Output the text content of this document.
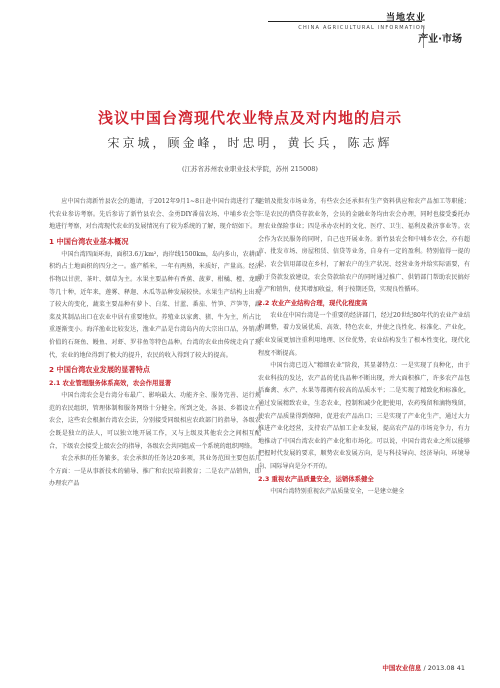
当地农业
CHINA AGRICULTURAL INFORMATION
产业·市场
浅议中国台湾现代农业特点及对内地的启示
宋京城，顾金峰，时忠明，黄长兵，陈志辉
(江苏省苏州农业职业技术学院，苏州 215008)

应中国台湾新竹县农会的邀请，于2012年9月1~8日赴中国台湾进行了现代农业参访考察。先后参访了新竹县农会、金勇DIY番茄农场、中埔乡农会等地进行考察，对台湾现代农业的发展情况有了较为系统的了解，现介绍如下。

1 中国台湾农业基本概况

中国台湾四面环海，面积3.6万km²，海岸线1500km，岛内多山，农耕面积约占土地面积的四分之一。盛产稻米，一年有两熟，米质好，产量高。经济作物以甘蔗、茶叶、烟草为主。水果主要品种有香蕉、菠萝、柑橘、橙、龙眼等几十种，近年来，莲雾、释迦、木瓜等品种发展较快。水果生产结构上出现了较大的变化，蔬菜主要品种有萝卜、白菜、甘蓝、番茄、竹笋、芦笋等，蔬菜及其制品出口在农业中居有重要地位。养殖业以家禽、猪、牛为主，所占比重逐渐变小。海洋渔业比较发达，渔业产品是台湾岛内的大宗出口品，外销高价值的石斑鱼、鳗鱼、对虾、罗非鱼等特色品种。台湾的农业由传统走向了现代，农业的地位得到了极大的提升，农民的收入得到了较大的提高。

2 中国台湾农业发展的显著特点
2.1 农业管理服务体系高效，农会作用显著

中国台湾农会是台湾分布最广、影响最大、功能齐全、服务完善、运行规范的农民组织，管理体制和服务网络十分健全。所到之处，各县、乡都设立有农会，这些农会根据台湾农会法，分别接受同级相应农政部门的指导，各级农会既是独立的法人，可以独立地开展工作，又与上级及其他农会之间相互配合，下级农会接受上级农会的指导，各级农会共同组成一个系统的组织网络。

农会承担的任务繁多，农会承担的任务达20多项，其业务范围主要包括几个方面：一是从事新技术的辅导、推广和农民培训教育；二是农产品销售，即办理农产品

运销及批发市场业务，有些农会还承担有生产资料供应和农产品加工等职能；三是农民的借贷存款业务，会员的金融业务均由农会办理，同时也接受委托办理农业保险事业；四是承办农村的文化、医疗、卫生、福利及救济事业等。农会作为农民服务的同时，自己也开展业务。新竹县农会和中埔乡农会，亦有超市、批发市场、房屋租赁、信贷等业务，自身有一定的盈利。特别值得一提的是，农会信用部设在乡村，了解农户的生产状况、经营业务并给实际需要，有助于贷款发放建设，农会贷款给农户的同时通过推广、供销部门帮助农民搞好生产和销售，使其增加收益，利于按期还贷，实现良性循环。

2.2 农业产业结构合理，现代化程度高

农业在中国台湾是一个重要的经济部门，经过20世纪80年代的农业产业结构调整，着力发展优质、高效、特色农业，并使之良性化、标准化、产业化，农业发展更加注重利用地理、区位优势，农业结构发生了根本性变化，现代化程度不断提高。

中国台湾已迈入"精细农业"阶段，其显著特点：一是实现了良种化，由于农业科技的发达，农产品的优良品种不断出现，并大面积推广，许多农产品包括畜禽、水产、水果等都拥有较高的品质水平；二是实现了精致化和标准化，通过发展精致农业，生态农业，控制和减少化肥使用，农药残留和滴物残留，使农产品质量得到保障，促进农产品出口；三是实现了产业化生产，通过大力推进产业化经营，支持农产品加工企业发展，提高农产品的市场竞争力，有力地推动了中国台湾农业的产业化和市场化。可以说，中国台湾农业之所以能够把握时代发展的要求，顺势农业发展方向，是与科技导向、经济导向、环境导向、国际导向是分不开的。

2.3 重视农产品质量安全，运销体系健全

中国台湾特别重视农产品质量安全，一是建立健全

中国农业信息 / 2013.08 41
